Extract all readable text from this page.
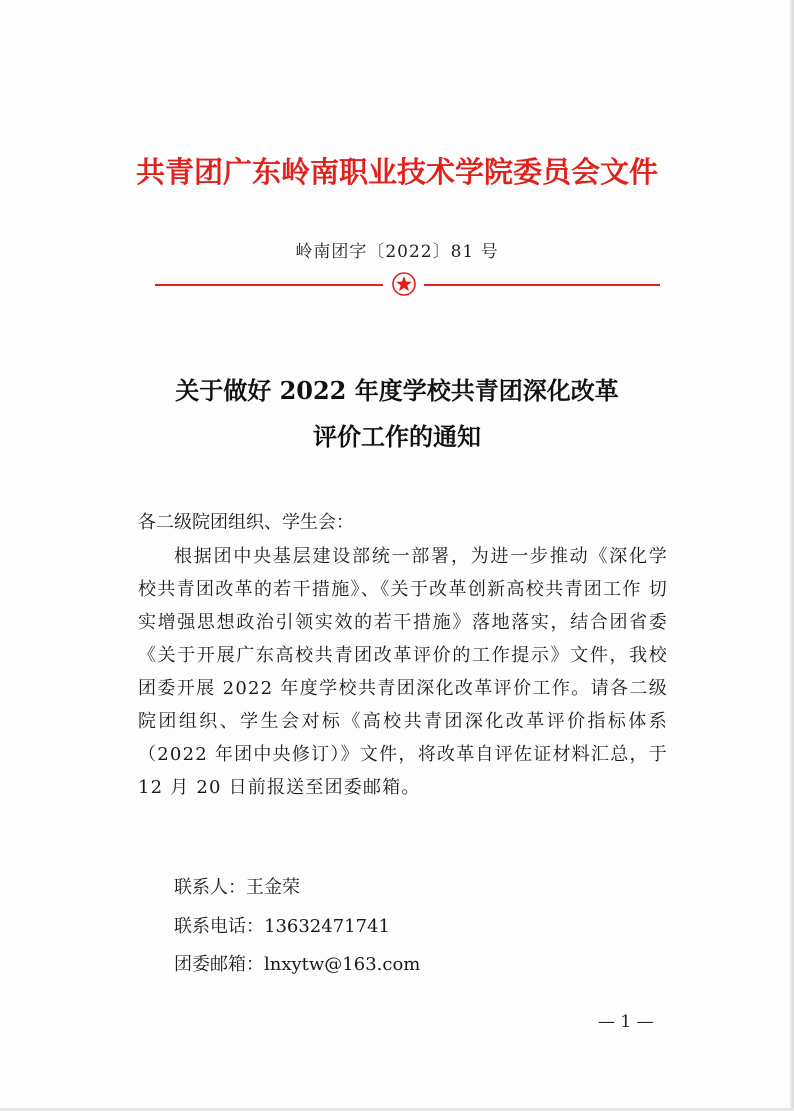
共青团广东岭南职业技术学院委员会文件
岭南团字〔2022〕81 号
关于做好 2022 年度学校共青团深化改革
评价工作的通知
各二级院团组织、学生会：
根据团中央基层建设部统一部署，为进一步推动《深化学校共青团改革的若干措施》、《关于改革创新高校共青团工作 切实增强思想政治引领实效的若干措施》落地落实，结合团省委《关于开展广东高校共青团改革评价的工作提示》文件，我校团委开展 2022 年度学校共青团深化改革评价工作。请各二级院团组织、学生会对标《高校共青团深化改革评价指标体系（2022 年团中央修订）》文件，将改革自评佐证材料汇总，于 12 月 20 日前报送至团委邮箱。
联系人：王金荣
联系电话：13632471741
团委邮箱：lnxytw@163.com
— 1 —
